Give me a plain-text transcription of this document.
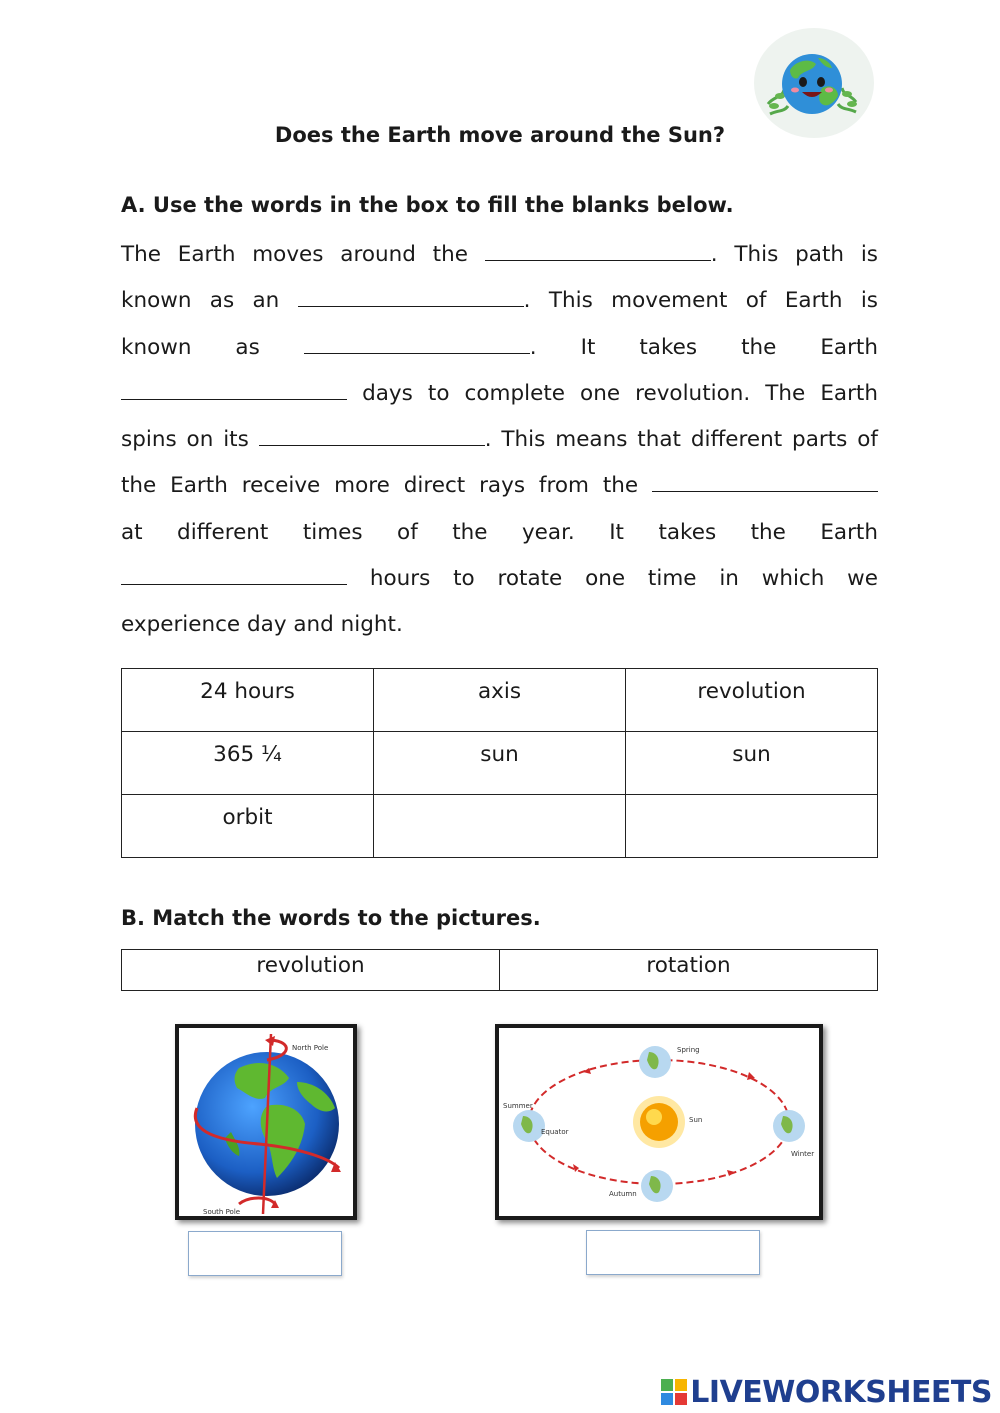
Does the Earth move around the Sun?
A. Use the words in the box to fill the blanks below.
The Earth moves around the	. This path is
known as an	. This movement of Earth is
known as	. It takes the Earth
days to complete one revolution. The Earth
spins on its	. This means that different parts of
the Earth receive more direct rays from the
at different times of the year. It takes the Earth
hours to rotate one time in which we
experience day and night.
24 hours	axis	revolution
365 ¼	sun	sun
orbit		
B. Match the words to the pictures.
revolution	rotation
North Pole
South Pole
Spring
Summer
Equator
Sun
Winter
Autumn
LIVEWORKSHEETS
